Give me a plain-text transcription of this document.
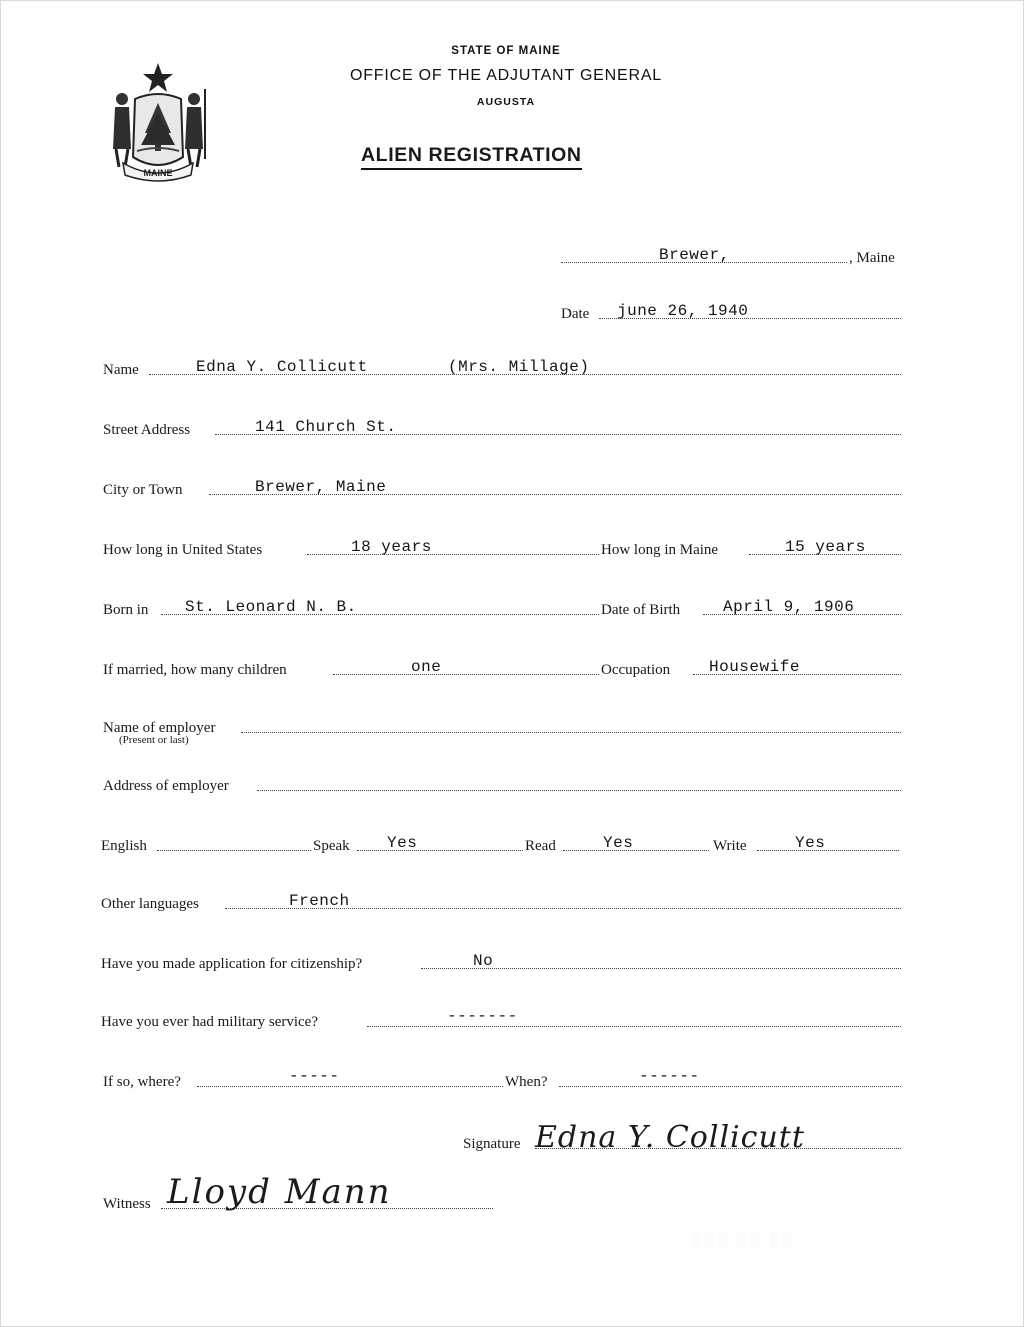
MAINE
STATE OF MAINE
OFFICE OF THE ADJUTANT GENERAL
AUGUSTA
ALIEN REGISTRATION
Brewer,	, Maine
Date june 26, 1940
Name	Edna Y. Collicutt	(Mrs. Millage)
Street Address	141 Church St.
City or Town	Brewer, Maine
How long in United States	18 years	How long in Maine	15 years
Born in St. Leonard N. B.	Date of Birth	April 9, 1906
If married, how many children	one	Occupation Housewife
Name of employer
(Present or last)
Address of employer
English	Speak Yes	Read	Yes	Write	Yes
Other languages	French
Have you made application for citizenship?	No
Have you ever had military service?	-------
If so, where?	-----	When?	------
Signature Edna Y. Collicutt
Witness Lloyd Mann
░░░ ░░ ░░
